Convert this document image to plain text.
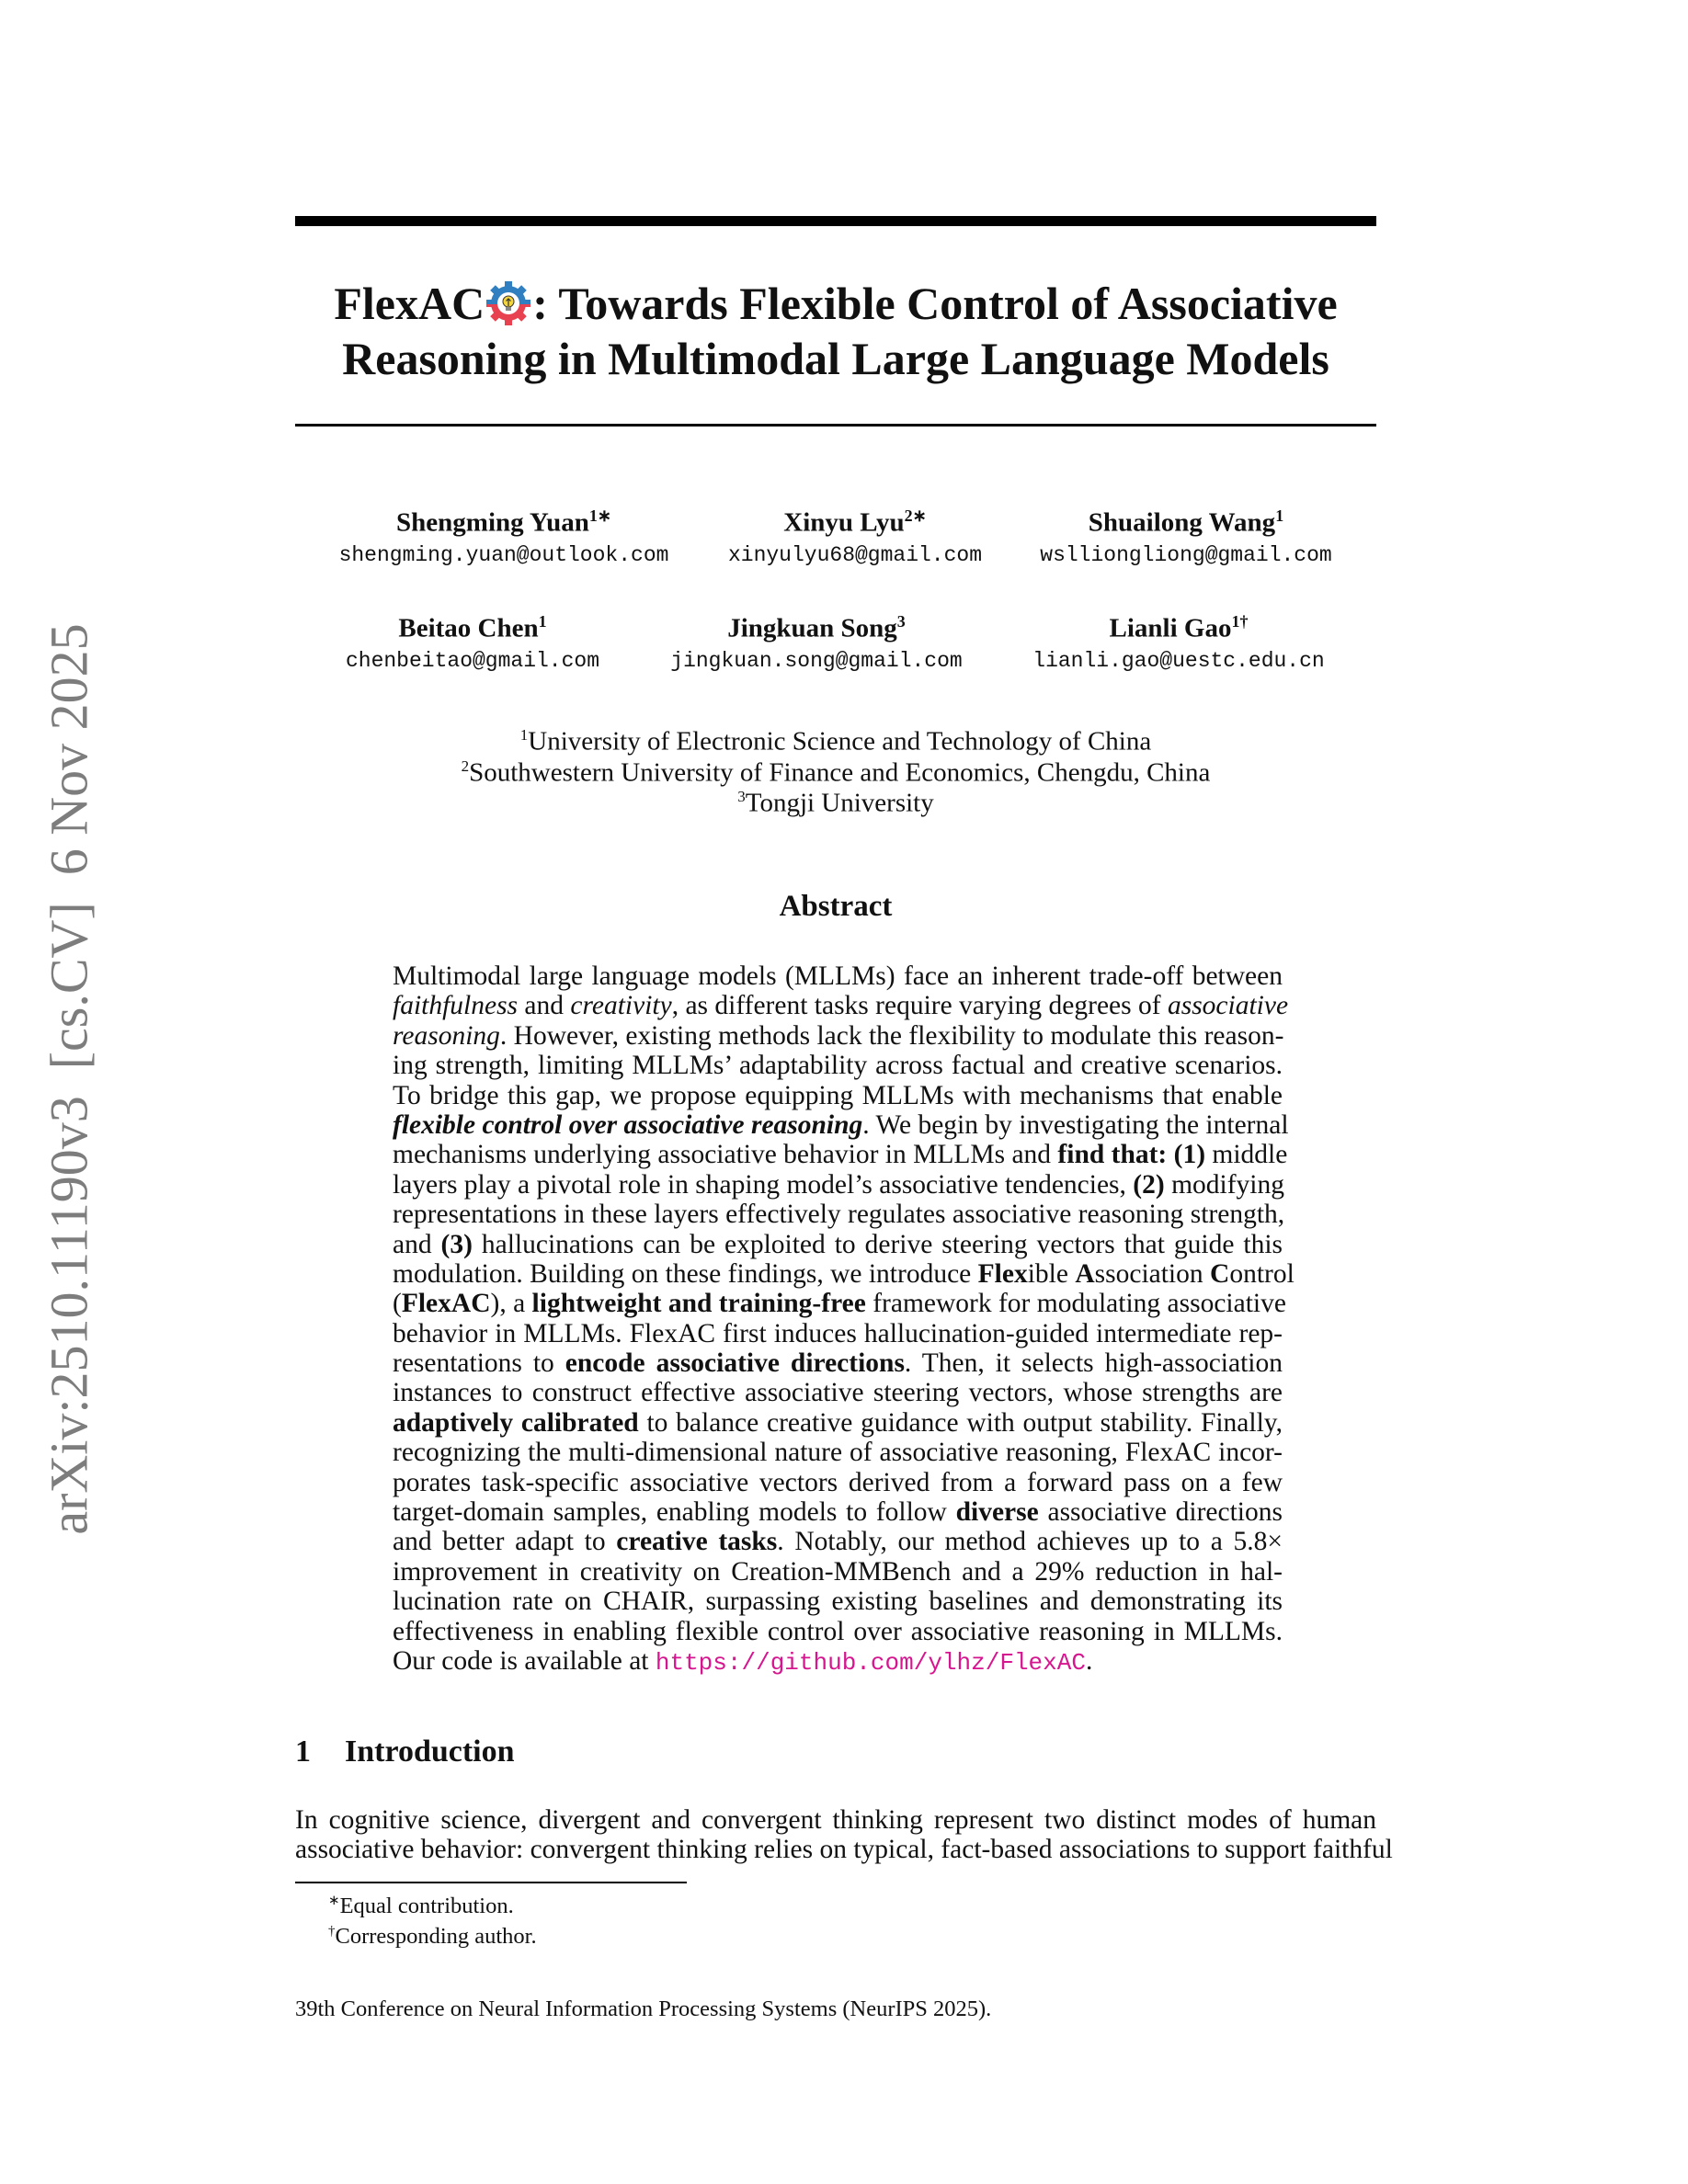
arXiv:2510.11190v3  [cs.CV]  6 Nov 2025
FlexAC : Towards Flexible Control of Associative
Reasoning in Multimodal Large Language Models
Shengming Yuan$^{1∗}$
shengming.yuan@outlook.com
Xinyu Lyu$^{2∗}$
xinyulyu68@gmail.com
Shuailong Wang$^1$
wslliongliong@gmail.com
Beitao Chen$^1$
chenbeitao@gmail.com
Jingkuan Song$^3$
jingkuan.song@gmail.com
Lianli Gao$^{1\dagger}$
lianli.gao@uestc.edu.cn
$^1$University of Electronic Science and Technology of China
$^2$Southwestern University of Finance and Economics, Chengdu, China
$^3$Tongji University
Abstract
Multimodal large language models (MLLMs) face an inherent trade-off between
faithfulness and creativity, as different tasks require varying degrees of associative
reasoning. However, existing methods lack the flexibility to modulate this reason-
ing strength, limiting MLLMs’ adaptability across factual and creative scenarios.
To bridge this gap, we propose equipping MLLMs with mechanisms that enable
flexible control over associative reasoning. We begin by investigating the internal
mechanisms underlying associative behavior in MLLMs and find that: (1) middle
layers play a pivotal role in shaping model’s associative tendencies, (2) modifying
representations in these layers effectively regulates associative reasoning strength,
and (3) hallucinations can be exploited to derive steering vectors that guide this
modulation. Building on these findings, we introduce Flexible Association Control
(FlexAC), a lightweight and training-free framework for modulating associative
behavior in MLLMs. FlexAC first induces hallucination-guided intermediate rep-
resentations to encode associative directions. Then, it selects high-association
instances to construct effective associative steering vectors, whose strengths are
adaptively calibrated to balance creative guidance with output stability. Finally,
recognizing the multi-dimensional nature of associative reasoning, FlexAC incor-
porates task-specific associative vectors derived from a forward pass on a few
target-domain samples, enabling models to follow diverse associative directions
and better adapt to creative tasks. Notably, our method achieves up to a 5.8×
improvement in creativity on Creation-MMBench and a 29% reduction in hal-
lucination rate on CHAIR, surpassing existing baselines and demonstrating its
effectiveness in enabling flexible control over associative reasoning in MLLMs.
Our code is available at https://github.com/ylhz/FlexAC.
1 Introduction
In cognitive science, divergent and convergent thinking represent two distinct modes of human
associative behavior: convergent thinking relies on typical, fact-based associations to support faithful
∗Equal contribution.
†Corresponding author.
39th Conference on Neural Information Processing Systems (NeurIPS 2025).
